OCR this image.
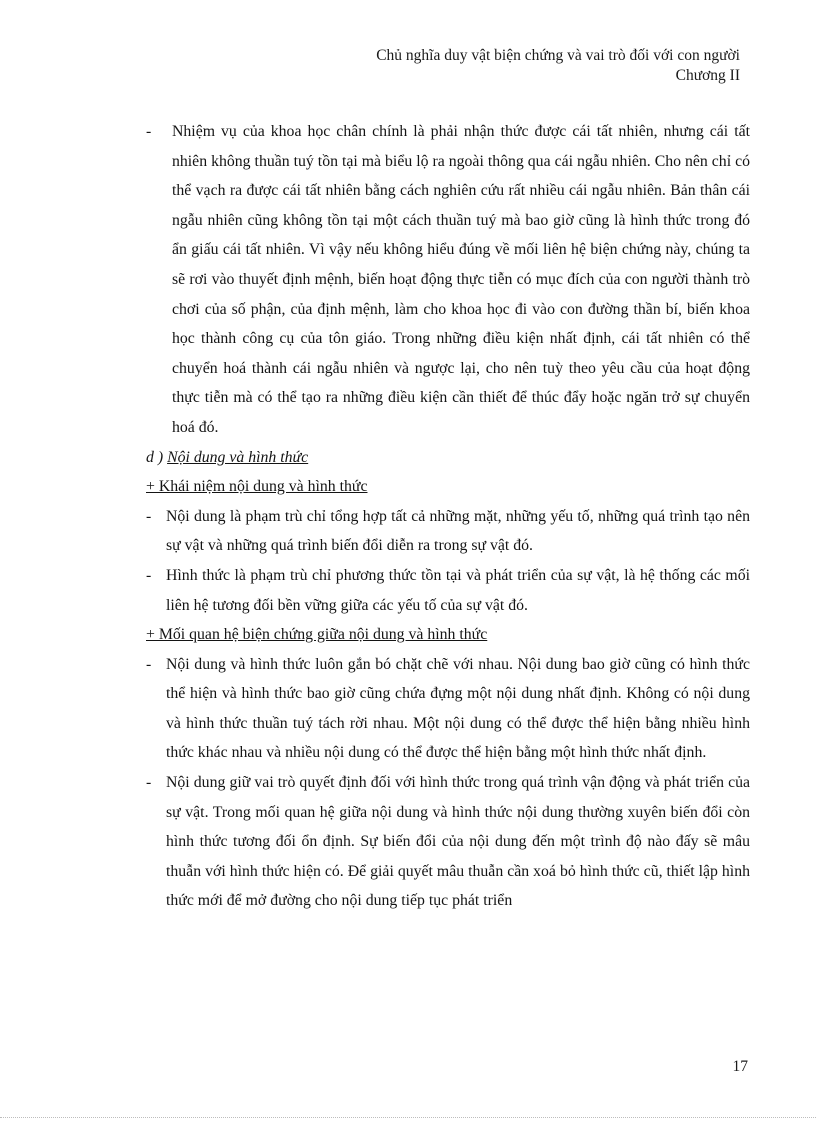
Chủ nghĩa duy vật biện chứng và vai trò đối với con người
Chương II
- Nhiệm vụ của khoa học chân chính là phải nhận thức được cái tất nhiên, nhưng cái tất nhiên không thuần tuý tồn tại mà biểu lộ ra ngoài thông qua cái ngẫu nhiên. Cho nên chỉ có thể vạch ra được cái tất nhiên bằng cách nghiên cứu rất nhiều cái ngẫu nhiên. Bản thân cái ngẫu nhiên cũng không tồn tại một cách thuần tuý mà bao giờ cũng là hình thức trong đó ẩn giấu cái tất nhiên. Vì vậy nếu không hiểu đúng về mối liên hệ biện chứng này, chúng ta sẽ rơi vào thuyết định mệnh, biến hoạt động thực tiễn có mục đích của con người thành trò chơi của số phận, của định mệnh, làm cho khoa học đi vào con đường thần bí, biến khoa học thành công cụ của tôn giáo. Trong những điều kiện nhất định, cái tất nhiên có thể chuyển hoá thành cái ngẫu nhiên và ngược lại, cho nên tuỳ theo yêu cầu của hoạt động thực tiễn mà có thể tạo ra những điều kiện cần thiết để thúc đẩy hoặc ngăn trở sự chuyển hoá đó.
d ) Nội dung và hình thức
+ Khái niệm nội dung và hình thức
- Nội dung là phạm trù chỉ tổng hợp tất cả những mặt, những yếu tố, những quá trình tạo nên sự vật và những quá trình biến đổi diễn ra trong sự vật đó.
- Hình thức là phạm trù chỉ phương thức tồn tại và phát triển của sự vật, là hệ thống các mối liên hệ tương đối bền vững giữa các yếu tố của sự vật đó.
+ Mối quan hệ biện chứng giữa nội dung và hình thức
- Nội dung và hình thức luôn gắn bó chặt chẽ với nhau. Nội dung bao giờ cũng có hình thức thể hiện và hình thức bao giờ cũng chứa đựng một nội dung nhất định. Không có nội dung và hình thức thuần tuý tách rời nhau. Một nội dung có thể được thể hiện bằng nhiều hình thức khác nhau và nhiều nội dung có thể được thể hiện bằng một hình thức nhất định.
- Nội dung giữ vai trò quyết định đối với hình thức trong quá trình vận động và phát triển của sự vật. Trong mối quan hệ giữa nội dung và hình thức nội dung thường xuyên biến đổi còn hình thức tương đối ổn định. Sự biến đổi của nội dung đến một trình độ nào đấy sẽ mâu thuẫn với hình thức hiện có. Để giải quyết mâu thuẫn cần xoá bỏ hình thức cũ, thiết lập hình thức mới để mở đường cho nội dung tiếp tục phát triển
17
